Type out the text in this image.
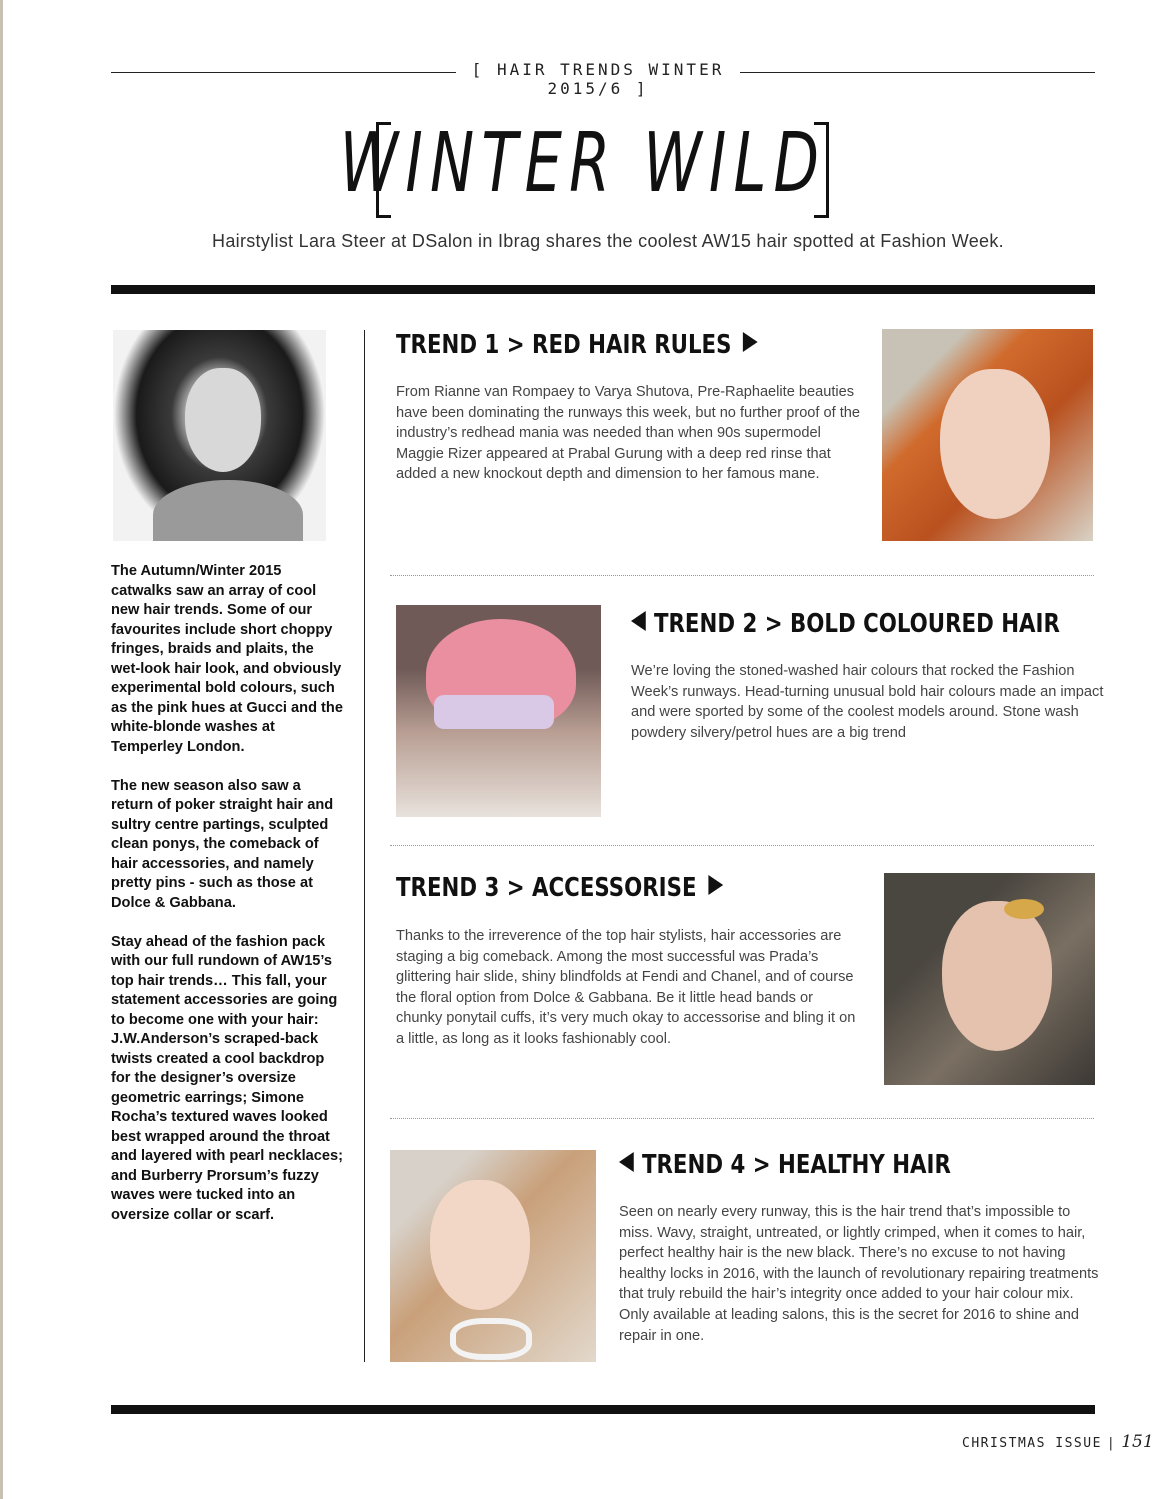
[ HAIR TRENDS WINTER 2015/6 ]
WINTER WILD
Hairstylist Lara Steer at DSalon in Ibrag shares the coolest AW15 hair spotted at Fashion Week.

The Autumn/Winter 2015 catwalks saw an array of cool new hair trends. Some of our favourites include short choppy fringes, braids and plaits, the wet-look hair look, and obviously experimental bold colours, such as the pink hues at Gucci and the white-blonde washes at Temperley London.

The new season also saw a return of poker straight hair and sultry centre partings, sculpted clean ponys, the comeback of hair accessories, and namely pretty pins - such as those at Dolce & Gabbana.

Stay ahead of the fashion pack with our full rundown of AW15’s top hair trends… This fall, your statement accessories are going to become one with your hair: J.W.Anderson’s scraped-back twists created a cool backdrop for the designer’s oversize geometric earrings; Simone Rocha’s textured waves looked best wrapped around the throat and layered with pearl necklaces; and Burberry Prorsum’s fuzzy waves were tucked into an oversize collar or scarf.

TREND 1 > RED HAIR RULES
From Rianne van Rompaey to Varya Shutova, Pre-Raphaelite beauties have been dominating the runways this week, but no further proof of the industry’s redhead mania was needed than when 90s supermodel Maggie Rizer appeared at Prabal Gurung with a deep red rinse that added a new knockout depth and dimension to her famous mane.
TREND 2 > BOLD COLOURED HAIR
We’re loving the stoned-washed hair colours that rocked the Fashion Week’s runways. Head-turning unusual bold hair colours made an impact and were sported by some of the coolest models around. Stone wash powdery silvery/petrol hues are a big trend
TREND 3 > ACCESSORISE
Thanks to the irreverence of the top hair stylists, hair accessories are staging a big comeback. Among the most successful was Prada’s glittering hair slide, shiny blindfolds at Fendi and Chanel, and of course the floral option from Dolce & Gabbana. Be it little head bands or chunky ponytail cuffs, it’s very much okay to accessorise and bling it on a little, as long as it looks fashionably cool.
TREND 4 > HEALTHY HAIR
Seen on nearly every runway, this is the hair trend that’s impossible to miss. Wavy, straight, untreated, or lightly crimped, when it comes to hair, perfect healthy hair is the new black. There’s no excuse to not having healthy locks in 2016, with the launch of revolutionary repairing treatments that truly rebuild the hair’s integrity once added to your hair colour mix. Only available at leading salons, this is the secret for 2016 to shine and repair in one.
CHRISTMAS ISSUE | 151
